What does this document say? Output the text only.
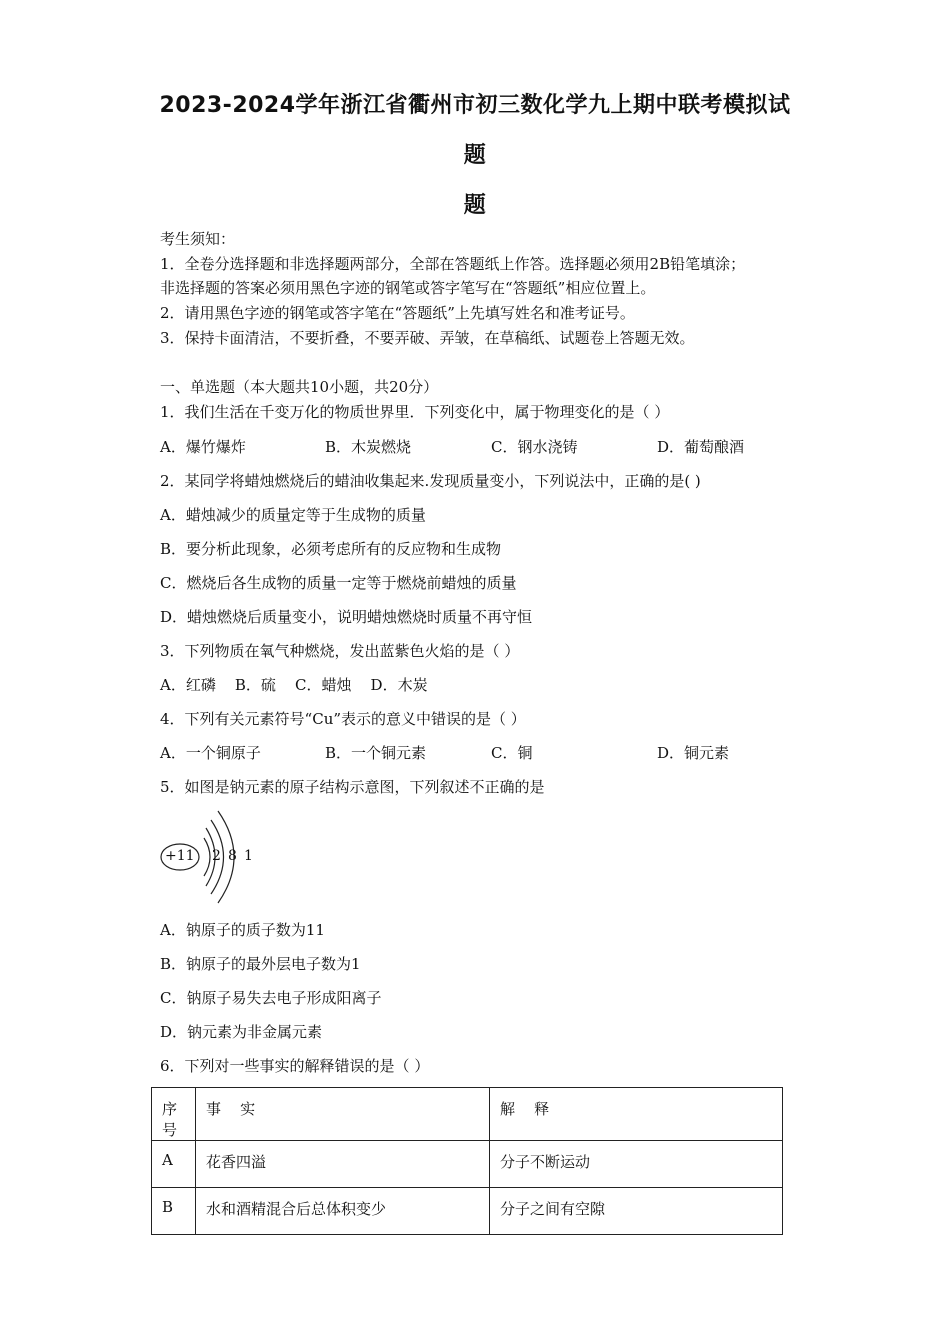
2023-2024学年浙江省衢州市初三数化学九上期中联考模拟试
题
题
考生须知：
1．全卷分选择题和非选择题两部分，全部在答题纸上作答。选择题必须用2B铅笔填涂；
非选择题的答案必须用黑色字迹的钢笔或答字笔写在“答题纸”相应位置上。
2．请用黑色字迹的钢笔或答字笔在“答题纸”上先填写姓名和准考证号。
3．保持卡面清洁，不要折叠，不要弄破、弄皱，在草稿纸、试题卷上答题无效。
一、单选题（本大题共10小题，共20分）
1．我们生活在千变万化的物质世界里．下列变化中，属于物理变化的是（ ）
A．爆竹爆炸	B．木炭燃烧	C．钢水浇铸	D．葡萄酿酒
2．某同学将蜡烛燃烧后的蜡油收集起来.发现质量变小，下列说法中，正确的是( )
A．蜡烛减少的质量定等于生成物的质量
B．要分析此现象，必须考虑所有的反应物和生成物
C．燃烧后各生成物的质量一定等于燃烧前蜡烛的质量
D．蜡烛燃烧后质量变小，说明蜡烛燃烧时质量不再守恒
3．下列物质在氧气种燃烧，发出蓝紫色火焰的是（ ）
A．红磷    B．硫    C．蜡烛    D．木炭
4．下列有关元素符号“Cu”表示的意义中错误的是（ ）
A．一个铜原子	B．一个铜元素	C．铜	D．铜元素
5．如图是钠元素的原子结构示意图，下列叙述不正确的是
+11 2 8 1
A．钠原子的质子数为11
B．钠原子的最外层电子数为1
C．钠原子易失去电子形成阳离子
D．钠元素为非金属元素
6．下列对一些事实的解释错误的是（ ）
序号	事    实	解    释
A	花香四溢	分子不断运动
B	水和酒精混合后总体积变少	分子之间有空隙
